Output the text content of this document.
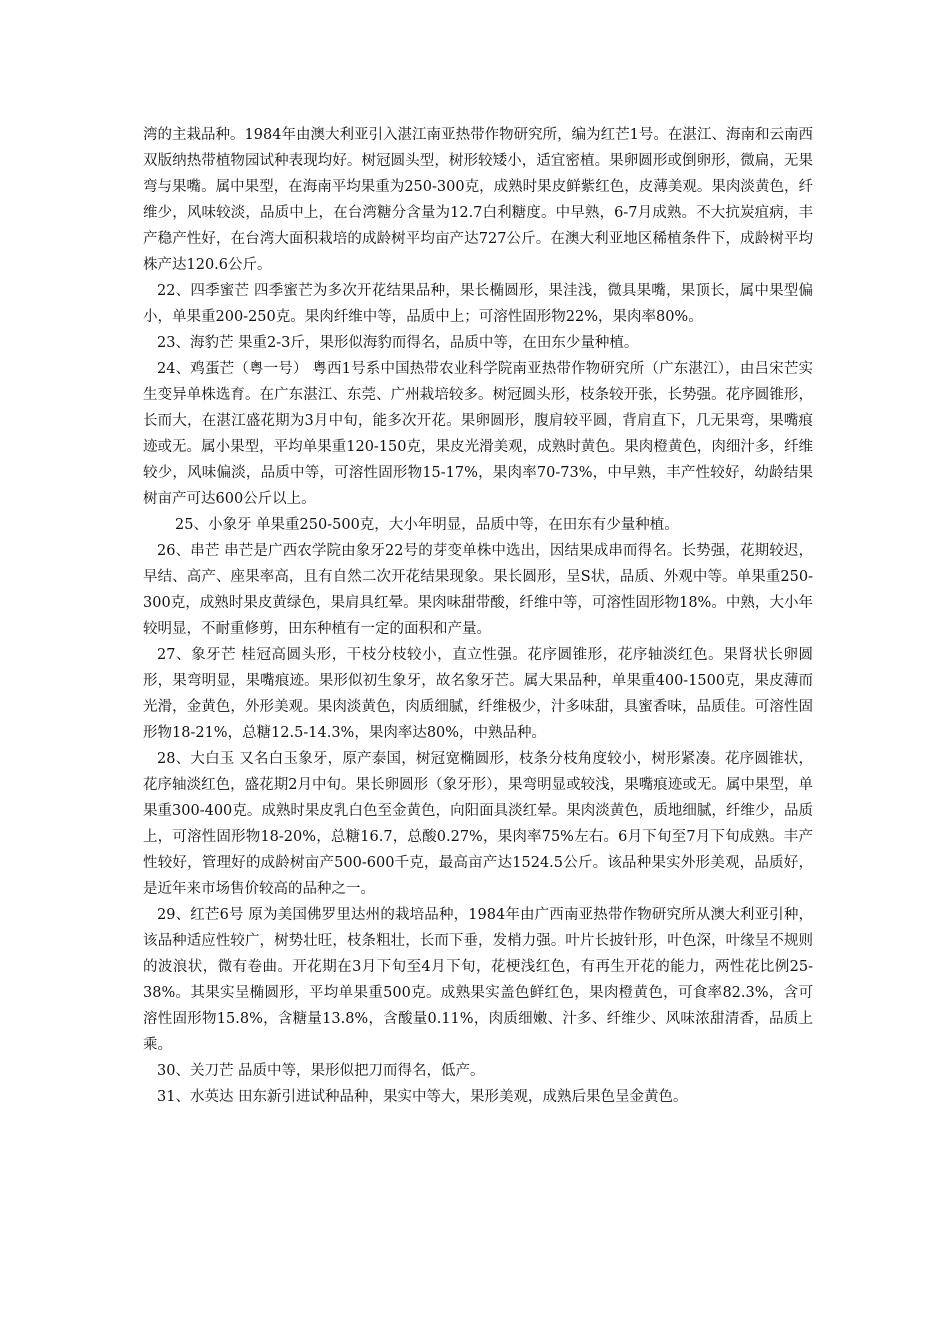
湾的主栽品种。1984年由澳大利亚引入湛江南亚热带作物研究所，编为红芒1号。在湛江、海南和云南西双版纳热带植物园试种表现均好。树冠圆头型，树形较矮小，适宜密植。果卵圆形或倒卵形，微扁，无果弯与果嘴。属中果型，在海南平均果重为250-300克，成熟时果皮鲜紫红色，皮薄美观。果肉淡黄色，纤维少，风味较淡，品质中上，在台湾糖分含量为12.7白利糖度。中早熟，6-7月成熟。不大抗炭疽病，丰产稳产性好，在台湾大面积栽培的成龄树平均亩产达727公斤。在澳大利亚地区稀植条件下，成龄树平均株产达120.6公斤。

22、四季蜜芒 四季蜜芒为多次开花结果品种，果长椭圆形，果洼浅，微具果嘴，果顶长，属中果型偏小，单果重200-250克。果肉纤维中等，品质中上；可溶性固形物22%，果肉率80%。

23、海豹芒 果重2-3斤，果形似海豹而得名，品质中等，在田东少量种植。

24、鸡蛋芒（粤一号） 粤西1号系中国热带农业科学院南亚热带作物研究所（广东湛江），由吕宋芒实生变异单株选育。在广东湛江、东莞、广州栽培较多。树冠圆头形，枝条较开张，长势强。花序圆锥形，长而大，在湛江盛花期为3月中旬，能多次开花。果卵圆形，腹肩较平圆，背肩直下，几无果弯，果嘴痕迹或无。属小果型，平均单果重120-150克，果皮光滑美观，成熟时黄色。果肉橙黄色，肉细汁多，纤维较少，风味偏淡，品质中等，可溶性固形物15-17%，果肉率70-73%，中早熟，丰产性较好，幼龄结果树亩产可达600公斤以上。

25、小象牙 单果重250-500克，大小年明显，品质中等，在田东有少量种植。

26、串芒 串芒是广西农学院由象牙22号的芽变单株中选出，因结果成串而得名。长势强，花期较迟，早结、高产、座果率高，且有自然二次开花结果现象。果长圆形，呈S状，品质、外观中等。单果重250-300克，成熟时果皮黄绿色，果肩具红晕。果肉味甜带酸，纤维中等，可溶性固形物18%。中熟，大小年较明显，不耐重修剪，田东种植有一定的面积和产量。

27、象牙芒 桂冠高圆头形，干枝分枝较小，直立性强。花序圆锥形，花序轴淡红色。果肾状长卵圆形，果弯明显，果嘴痕迹。果形似初生象牙，故名象牙芒。属大果品种，单果重400-1500克，果皮薄而光滑，金黄色，外形美观。果肉淡黄色，肉质细腻，纤维极少，汁多味甜，具蜜香味，品质佳。可溶性固形物18-21%，总糖12.5-14.3%，果肉率达80%，中熟品种。

28、大白玉 又名白玉象牙，原产泰国，树冠宽椭圆形，枝条分枝角度较小，树形紧凑。花序圆锥状，花序轴淡红色，盛花期2月中旬。果长卵圆形（象牙形），果弯明显或较浅，果嘴痕迹或无。属中果型，单果重300-400克。成熟时果皮乳白色至金黄色，向阳面具淡红晕。果肉淡黄色，质地细腻，纤维少，品质上，可溶性固形物18-20%，总糖16.7，总酸0.27%，果肉率75%左右。6月下旬至7月下旬成熟。丰产性较好，管理好的成龄树亩产500-600千克，最高亩产达1524.5公斤。该品种果实外形美观，品质好，是近年来市场售价较高的品种之一。

29、红芒6号 原为美国佛罗里达州的栽培品种，1984年由广西南亚热带作物研究所从澳大利亚引种，该品种适应性较广，树势壮旺，枝条粗壮，长而下垂，发梢力强。叶片长披针形，叶色深，叶缘呈不规则的波浪状，微有卷曲。开花期在3月下旬至4月下旬，花梗浅红色，有再生开花的能力，两性花比例25-38%。其果实呈椭圆形，平均单果重500克。成熟果实盖色鲜红色，果肉橙黄色，可食率82.3%，含可溶性固形物15.8%，含糖量13.8%，含酸量0.11%，肉质细嫩、汁多、纤维少、风味浓甜清香，品质上乘。

30、关刀芒 品质中等，果形似把刀而得名，低产。

31、水英达 田东新引进试种品种，果实中等大，果形美观，成熟后果色呈金黄色。
